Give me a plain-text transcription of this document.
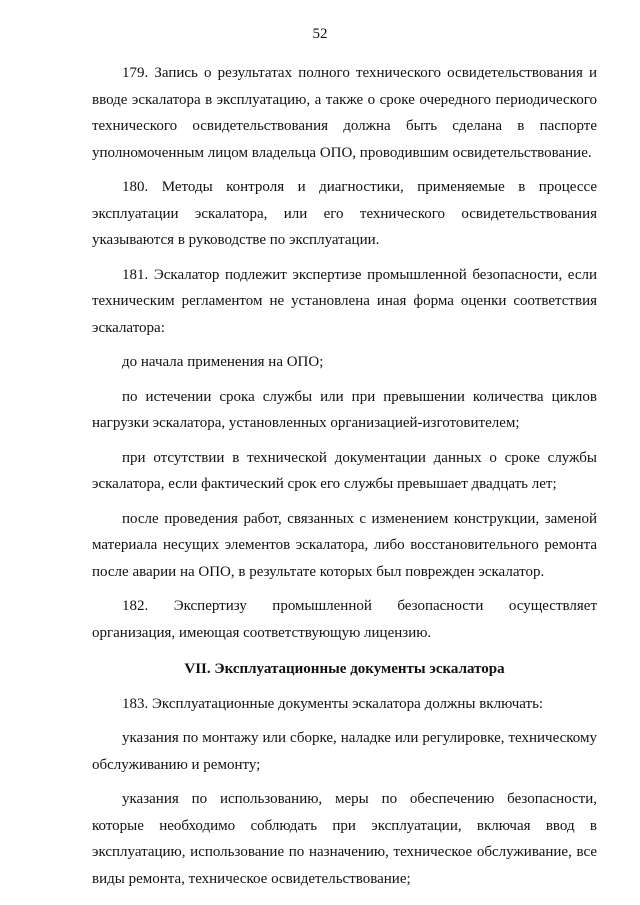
52

179. Запись о результатах полного технического освидетельствования и вводе эскалатора в эксплуатацию, а также о сроке очередного периодического технического освидетельствования должна быть сделана в паспорте уполномоченным лицом владельца ОПО, проводившим освидетельствование.

180. Методы контроля и диагностики, применяемые в процессе эксплуатации эскалатора, или его технического освидетельствования указываются в руководстве по эксплуатации.

181. Эскалатор подлежит экспертизе промышленной безопасности, если техническим регламентом не установлена иная форма оценки соответствия эскалатора:

до начала применения на ОПО;

по истечении срока службы или при превышении количества циклов нагрузки эскалатора, установленных организацией-изготовителем;

при отсутствии в технической документации данных о сроке службы эскалатора, если фактический срок его службы превышает двадцать лет;

после проведения работ, связанных с изменением конструкции, заменой материала несущих элементов эскалатора, либо восстановительного ремонта после аварии на ОПО, в результате которых был поврежден эскалатор.

182. Экспертизу промышленной безопасности осуществляет организация, имеющая соответствующую лицензию.

VII. Эксплуатационные документы эскалатора

183. Эксплуатационные документы эскалатора должны включать:

указания по монтажу или сборке, наладке или регулировке, техническому обслуживанию и ремонту;

указания по использованию, меры по обеспечению безопасности, которые необходимо соблюдать при эксплуатации, включая ввод в эксплуатацию, использование по назначению, техническое обслуживание, все виды ремонта, техническое освидетельствование;
